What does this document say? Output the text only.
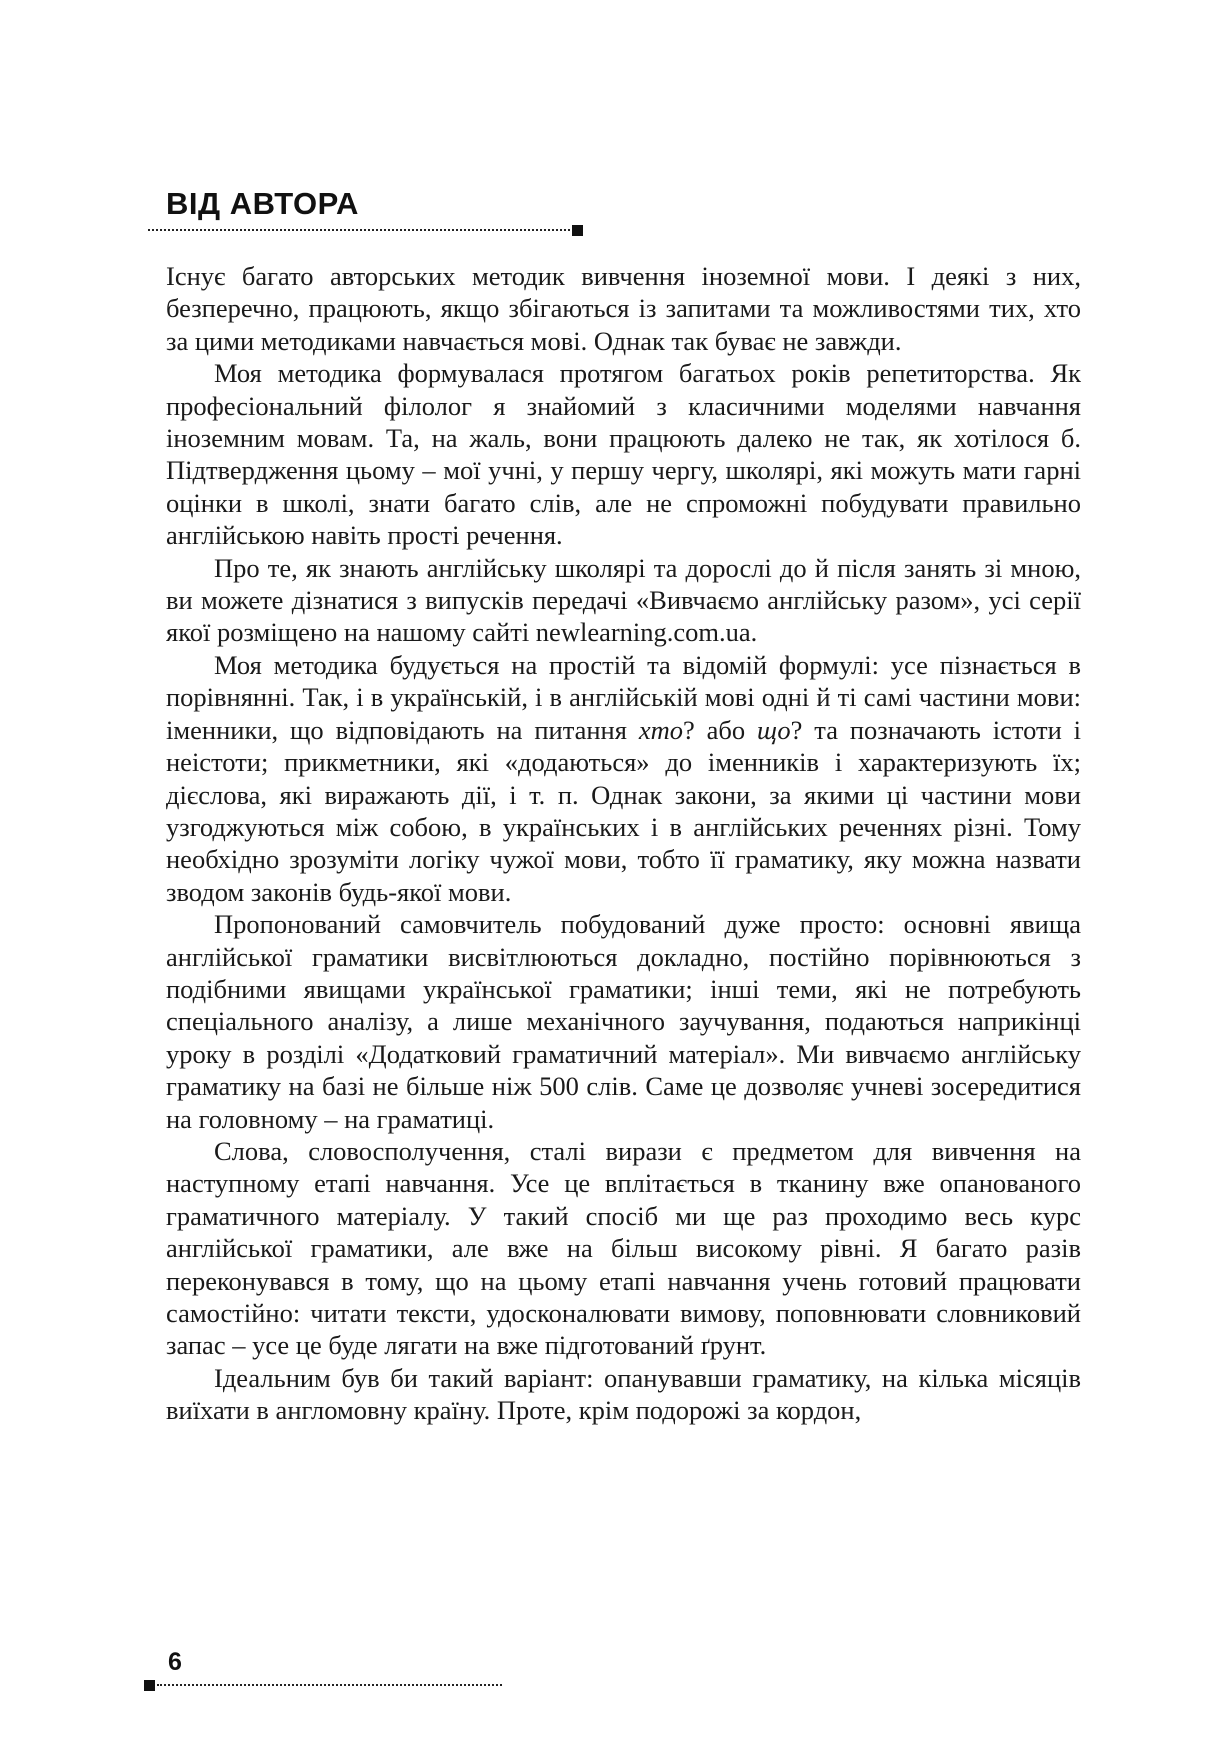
ВІД АВТОРА

Існує багато авторських методик вивчення іноземної мови. І деякі з них, безперечно, працюють, якщо збігаються із запитами та можливостями тих, хто за цими методиками навчається мові. Однак так буває не завжди.

Моя методика формувалася протягом багатьох років репетиторства. Як професіональний філолог я знайомий з класичними моделями навчання іноземним мовам. Та, на жаль, вони працюють далеко не так, як хотілося б. Підтвердження цьому – мої учні, у першу чергу, школярі, які можуть мати гарні оцінки в школі, знати багато слів, але не спроможні побудувати правильно англійською навіть прості речення.

Про те, як знають англійську школярі та дорослі до й після занять зі мною, ви можете дізнатися з випусків передачі «Вивчаємо англійську разом», усі серії якої розміщено на нашому сайті newlearning.com.ua.

Моя методика будується на простій та відомій формулі: усе пізнається в порівнянні. Так, і в українській, і в англійській мові одні й ті самі частини мови: іменники, що відповідають на питання хто? або що? та позначають істоти і неістоти; прикметники, які «додаються» до іменників і характеризують їх; дієслова, які виражають дії, і т. п. Однак закони, за якими ці частини мови узгоджуються між собою, в українських і в англійських реченнях різні. Тому необхідно зрозуміти логіку чужої мови, тобто її граматику, яку можна назвати зводом законів будь-якої мови.

Пропонований самовчитель побудований дуже просто: основні явища англійської граматики висвітлюються докладно, постійно порівнюються з подібними явищами української граматики; інші теми, які не потребують спеціального аналізу, а лише механічного заучування, подаються наприкінці уроку в розділі «Додатковий граматичний матеріал». Ми вивчаємо англійську граматику на базі не більше ніж 500 слів. Саме це дозволяє учневі зосередитися на головному – на граматиці.

Слова, словосполучення, сталі вирази є предметом для вивчення на наступному етапі навчання. Усе це вплітається в тканину вже опанованого граматичного матеріалу. У такий спосіб ми ще раз проходимо весь курс англійської граматики, але вже на більш високому рівні. Я багато разів переконувався в тому, що на цьому етапі навчання учень готовий працювати самостійно: читати тексти, удосконалювати вимову, поповнювати словниковий запас – усе це буде лягати на вже підготований ґрунт.

Ідеальним був би такий варіант: опанувавши граматику, на кілька місяців виїхати в англомовну країну. Проте, крім подорожі за кордон,

6
